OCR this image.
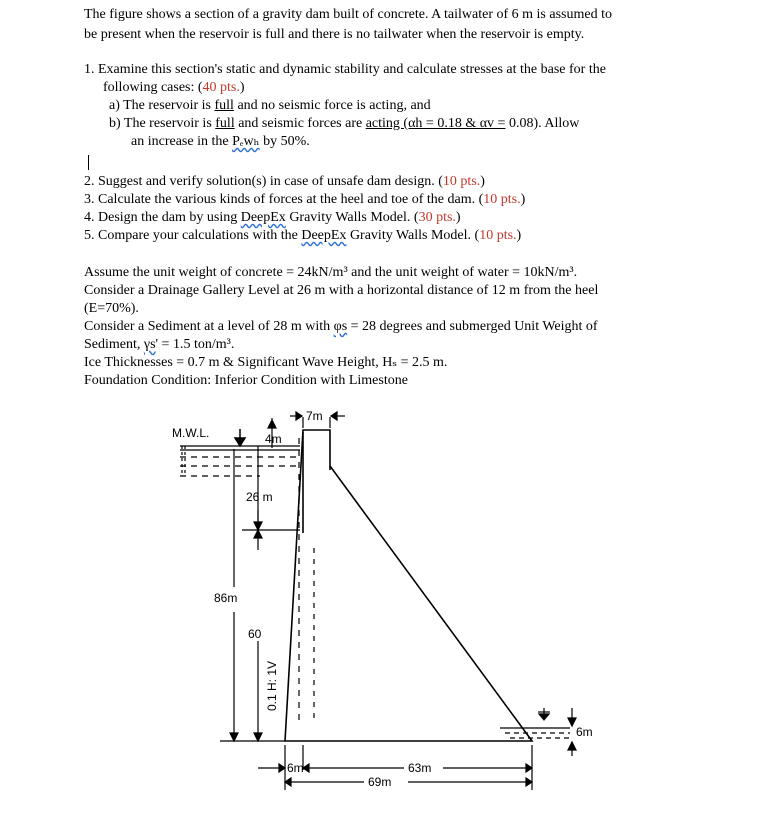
The figure shows a section of a gravity dam built of concrete. A tailwater of 6 m is assumed to
be present when the reservoir is full and there is no tailwater when the reservoir is empty.
1. Examine this section's static and dynamic stability and calculate stresses at the base for the
following cases: (40 pts.)
a) The reservoir is full and no seismic force is acting, and
b) The reservoir is full and seismic forces are acting (αh = 0.18 & αv = 0.08). Allow
an increase in the Pₑwₕ by 50%.
2. Suggest and verify solution(s) in case of unsafe dam design. (10 pts.)
3. Calculate the various kinds of forces at the heel and toe of the dam. (10 pts.)
4. Design the dam by using DeepEx Gravity Walls Model. (30 pts.)
5. Compare your calculations with the DeepEx Gravity Walls Model. (10 pts.)
Assume the unit weight of concrete = 24kN/m³ and the unit weight of water = 10kN/m³.
Consider a Drainage Gallery Level at 26 m with a horizontal distance of 12 m from the heel
(E=70%).
Consider a Sediment at a level of 28 m with φs = 28 degrees and submerged Unit Weight of
Sediment, γs' = 1.5 ton/m³.
Ice Thicknesses = 0.7 m & Significant Wave Height, Hₛ = 2.5 m.
Foundation Condition: Inferior Condition with Limestone
M.W.L.	4m
7m
26 m
86m
60
0.1 H: 1V
6m
6m	63m
69m
